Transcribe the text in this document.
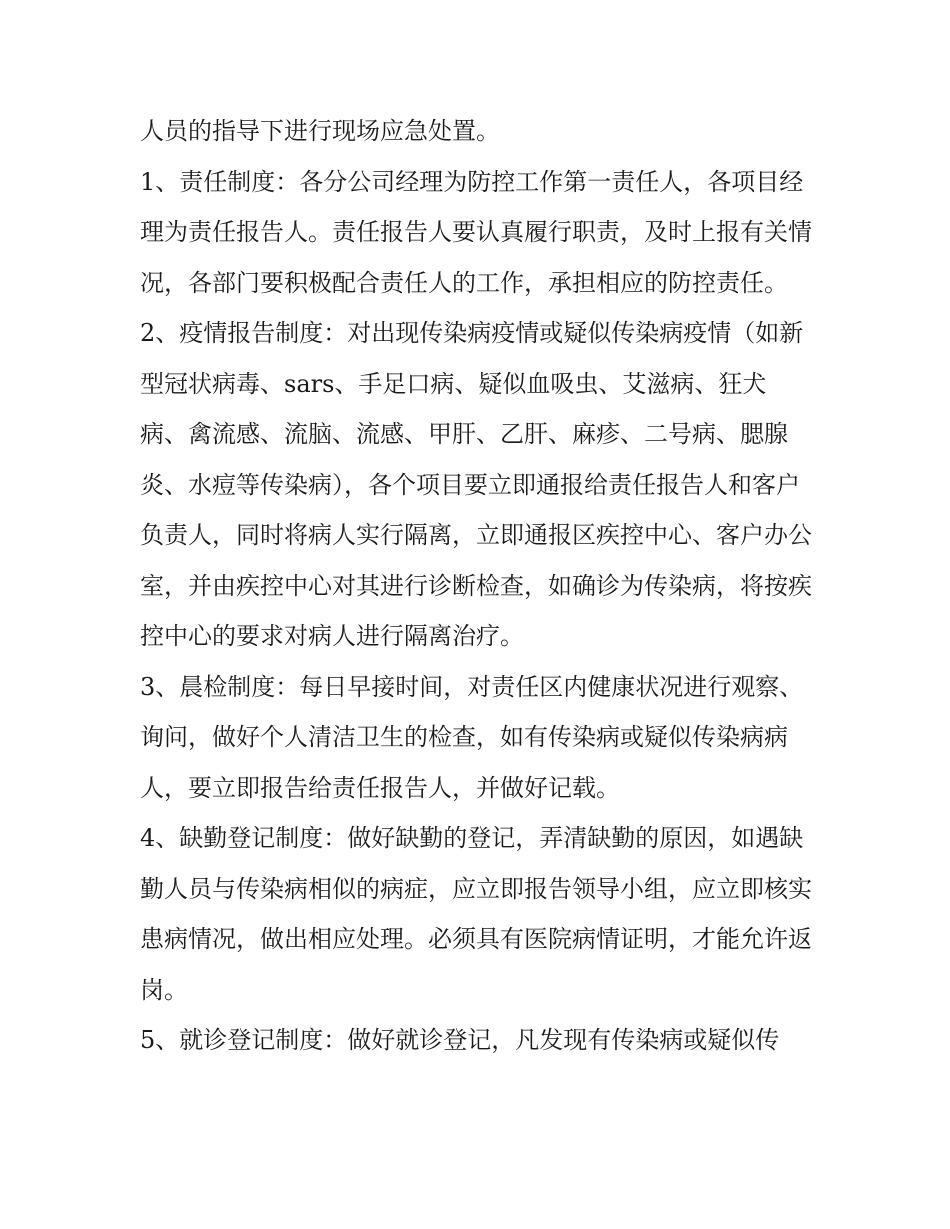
人员的指导下进行现场应急处置。

1、责任制度：各分公司经理为防控工作第一责任人，各项目经理为责任报告人。责任报告人要认真履行职责，及时上报有关情况，各部门要积极配合责任人的工作，承担相应的防控责任。

2、疫情报告制度：对出现传染病疫情或疑似传染病疫情（如新型冠状病毒、sars、手足口病、疑似血吸虫、艾滋病、狂犬病、禽流感、流脑、流感、甲肝、乙肝、麻疹、二号病、腮腺炎、水痘等传染病），各个项目要立即通报给责任报告人和客户负责人，同时将病人实行隔离，立即通报区疾控中心、客户办公室，并由疾控中心对其进行诊断检查，如确诊为传染病，将按疾控中心的要求对病人进行隔离治疗。

3、晨检制度：每日早接时间，对责任区内健康状况进行观察、询问，做好个人清洁卫生的检查，如有传染病或疑似传染病病人，要立即报告给责任报告人，并做好记载。

4、缺勤登记制度：做好缺勤的登记，弄清缺勤的原因，如遇缺勤人员与传染病相似的病症，应立即报告领导小组，应立即核实患病情况，做出相应处理。必须具有医院病情证明，才能允许返岗。

5、就诊登记制度：做好就诊登记，凡发现有传染病或疑似传
